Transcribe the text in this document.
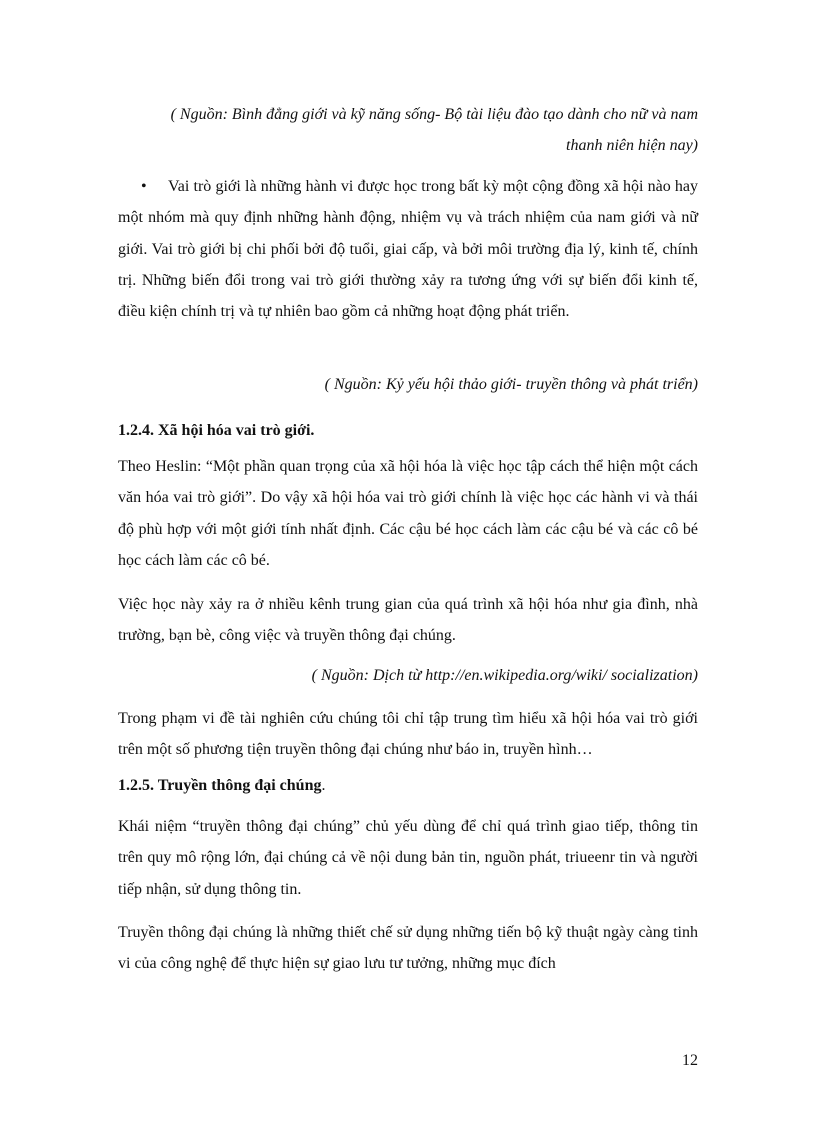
( Nguồn: Bình đẳng giới và kỹ năng sống- Bộ tài liệu đào tạo dành cho nữ và nam
thanh niên hiện nay)
•	Vai trò giới là những hành vi được học trong bất kỳ một cộng đồng xã hội nào hay một nhóm mà quy định những hành động, nhiệm vụ và trách nhiệm của nam giới và nữ giới. Vai trò giới bị chi phối bởi độ tuổi, giai cấp, và bởi môi trường địa lý, kinh tế, chính trị. Những biến đổi trong vai trò giới thường xảy ra tương ứng với sự biến đổi kinh tế, điều kiện chính trị và tự nhiên bao gồm cả những hoạt động phát triển.
( Nguồn: Kỷ yếu hội thảo giới- truyền thông và phát triển)
1.2.4. Xã hội hóa vai trò giới.
Theo Heslin: “Một phần quan trọng của xã hội hóa là việc học tập cách thể hiện một cách văn hóa vai trò giới”. Do vậy xã hội hóa vai trò giới chính là việc học các hành vi và thái độ phù hợp với một giới tính nhất định. Các cậu bé học cách làm các cậu bé và các cô bé học cách làm các cô bé.
Việc học này xảy ra ở nhiều kênh trung gian của quá trình xã hội hóa như gia đình, nhà trường, bạn bè, công việc và truyền thông đại chúng.
( Nguồn: Dịch từ http://en.wikipedia.org/wiki/ socialization)
Trong phạm vi đề tài nghiên cứu chúng tôi chỉ tập trung tìm hiểu xã hội hóa vai trò giới trên một số phương tiện truyền thông đại chúng như báo in, truyền hình…
1.2.5. Truyền thông đại chúng.
Khái niệm “truyền thông đại chúng” chủ yếu dùng để chỉ quá trình giao tiếp, thông tin trên quy mô rộng lớn, đại chúng cả về nội dung bản tin, nguồn phát, triueenr tin và người tiếp nhận, sử dụng thông tin.
Truyền thông đại chúng là những thiết chế sử dụng những tiến bộ kỹ thuật ngày càng tinh vi của công nghệ để thực hiện sự giao lưu tư tưởng, những mục đích
12
